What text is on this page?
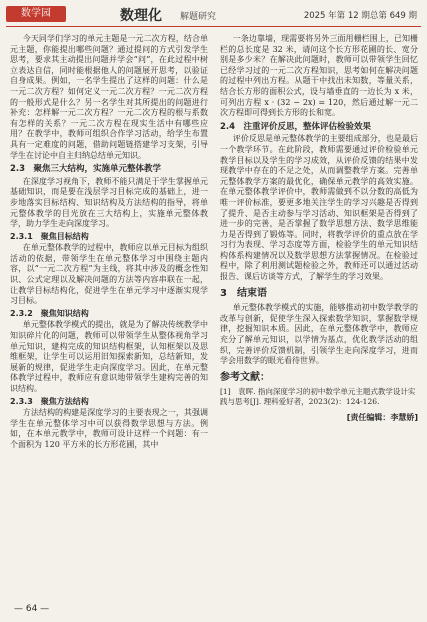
数学园	数理化 解题研究	2025 年第 12 期总第 649 期

今天同学们学习的单元主题是一元二次方程，结合单元主题，你能提出哪些问题？通过提问的方式引发学生思考，要求其主动提出问题并学会“问”，在此过程中树立表达自信，同时能根据他人的问题展开思考，以验证自身成果。例如，一名学生提出了这样的问题：什么是一元二次方程？如何定义一元二次方程？一元二次方程的一般形式是什么？另一名学生对其所提出的问题进行补充：怎样解一元二次方程？一元二次方程的根与系数有怎样的关系？一元二次方程在现实生活中有哪些应用？在教学中，教师可组织合作学习活动，给学生布置具有一定难度的问题，借助问题链搭建学习支架，引导学生在讨论中自主归纳总结单元知识。

2.3　聚焦三大结构，实施单元整体教学

在深度学习视角下，教师不能只满足于学生掌握单元基础知识，而是要在浅层学习目标完成的基础上，进一步地落实目标结构、知识结构及方法结构的指导，将单元整体教学的目光放在三大结构上，实施单元整体教学，助力学生走向深度学习。

2.3.1　聚焦目标结构

在单元整体教学的过程中，教师应以单元目标为组织活动的依据，带领学生在单元整体学习中围绕主题内容，以“一元二次方程”为主线，将其中涉及的概念性知识、公式定理以及解决问题的方法等内容串联在一起，让教学目标结构化，促进学生在单元学习中逐渐实现学习目标。

2.3.2　聚焦知识结构

单元整体教学模式的提出，就是为了解决传统教学中知识碎片化的问题，教师可以带领学生从整体视角学习单元知识，建构完成的知识结构框架，认知框架以及思维框架，让学生可以运用旧知探索新知，总结新知，发展新的规律，促进学生走向深度学习。因此，在单元整体教学过程中，教师应有意识地带领学生建构完善的知识结构。

2.3.3　聚焦方法结构

方法结构的构建是深度学习的主要表现之一，其强调学生在单元整体学习中可以获得数学思想与方法。例如，在本单元教学中，教师可设计这样一个问题：有一个面积为 120 平方米的长方形花圃，其中

一条边靠墙，现需要将另外三面用栅栏围上，已知栅栏的总长度是 32 米，请问这个长方形花圃的长、宽分别是多少米？在解决此问题时，教师可以带领学生回忆已经学习过的一元二次方程知识，思考如何在解决问题的过程中列出方程。从题干中找出未知数，等量关系，结合长方形的面积公式，设与墙垂直的一边长为 x 米，可列出方程 x · (32 − 2x) = 120，然后通过解一元二次方程即可得到长方形的长和宽。

2.4　注重评价反思，整体评估检验效果

评价反思是单元整体教学的主要组成部分，也是最后一个教学环节。在此阶段，教师需要通过评价检验单元教学目标以及学生的学习成效，从评价反馈的结果中发现教学中存在的不足之处，从而调整教学方案。完善单元整体教学方案的最优化，确保单元教学的高效实施。在单元整体教学评价中，教师需做到不以分数的高低为唯一评价标准，要更多地关注学生的学习兴趣是否得到了提升、是否主动参与学习活动、知识框架是否得到了进一步的完善，是否掌握了数学思想方法、数学思维能力是否得到了锻炼等。同时，将教学评价的重点放在学习行为表现、学习态度等方面，检验学生的单元知识结构体系构建情况以及数学思想方法掌握情况。在检验过程中，除了利用测试题检验之外，教师还可以通过活动报告、课后访谈等方式，了解学生的学习效果。

3　结束语

单元整体教学模式的实施，能够推动初中数学教学的改革与创新，促使学生深入探索数学知识，掌握数学规律，挖掘知识本质。因此，在单元整体教学中，教师应充分了解单元知识，以学情为基点，优化教学活动的组织，完善评价反馈机制，引领学生走向深度学习，进而学会用数学的眼光看待世界。

参考文献：
[1]　袁晖. 指向深度学习的初中数学单元主题式教学设计实践与思考[J]. 理科爱好者，2023(2)：124-126.
[责任编辑：李慧娇]
— 64 —
